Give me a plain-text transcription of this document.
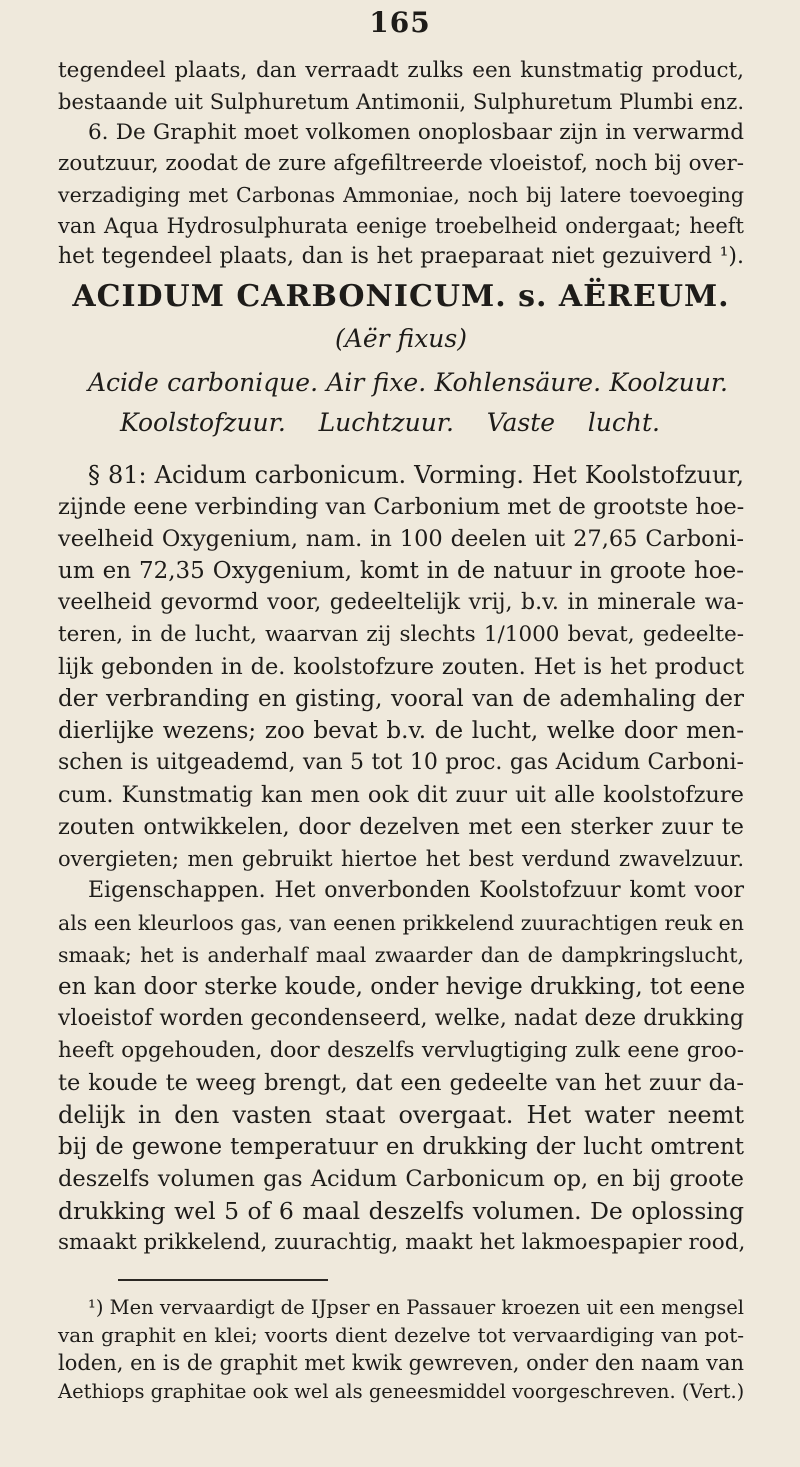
165
tegendeel plaats, dan verraadt zulks een kunstmatig product,
bestaande uit Sulphuretum Antimonii, Sulphuretum Plumbi enz.
6. De Graphit moet volkomen onoplosbaar zijn in verwarmd
zoutzuur, zoodat de zure afgefiltreerde vloeistof, noch bij over-
verzadiging met Carbonas Ammoniae, noch bij latere toevoeging
van Aqua Hydrosulphurata eenige troebelheid ondergaat; heeft
het tegendeel plaats, dan is het praeparaat niet gezuiverd ¹).
ACIDUM CARBONICUM. s. AËREUM.
(Aër fixus)
Acide carbonique. Air fixe. Kohlensäure. Koolzuur.
Koolstofzuur. Luchtzuur. Vaste lucht.
§ 81: Acidum carbonicum. Vorming. Het Koolstofzuur,
zijnde eene verbinding van Carbonium met de grootste hoe-
veelheid Oxygenium, nam. in 100 deelen uit 27,65 Carboni-
um en 72,35 Oxygenium, komt in de natuur in groote hoe-
veelheid gevormd voor, gedeeltelijk vrij, b.v. in minerale wa-
teren, in de lucht, waarvan zij slechts 1/1000 bevat, gedeelte-
lijk gebonden in de. koolstofzure zouten. Het is het product
der verbranding en gisting, vooral van de ademhaling der
dierlijke wezens; zoo bevat b.v. de lucht, welke door men-
schen is uitgeademd, van 5 tot 10 proc. gas Acidum Carboni-
cum. Kunstmatig kan men ook dit zuur uit alle koolstofzure
zouten ontwikkelen, door dezelven met een sterker zuur te
overgieten; men gebruikt hiertoe het best verdund zwavelzuur.
Eigenschappen. Het onverbonden Koolstofzuur komt voor
als een kleurloos gas, van eenen prikkelend zuurachtigen reuk en
smaak; het is anderhalf maal zwaarder dan de dampkringslucht,
en kan door sterke koude, onder hevige drukking, tot eene
vloeistof worden gecondenseerd, welke, nadat deze drukking
heeft opgehouden, door deszelfs vervlugtiging zulk eene groo-
te koude te weeg brengt, dat een gedeelte van het zuur da-
delijk in den vasten staat overgaat. Het water neemt
bij de gewone temperatuur en drukking der lucht omtrent
deszelfs volumen gas Acidum Carbonicum op, en bij groote
drukking wel 5 of 6 maal deszelfs volumen. De oplossing
smaakt prikkelend, zuurachtig, maakt het lakmoespapier rood,
¹) Men vervaardigt de IJpser en Passauer kroezen uit een mengsel
van graphit en klei; voorts dient dezelve tot vervaardiging van pot-
loden, en is de graphit met kwik gewreven, onder den naam van
Aethiops graphitae ook wel als geneesmiddel voorgeschreven. (Vert.)
